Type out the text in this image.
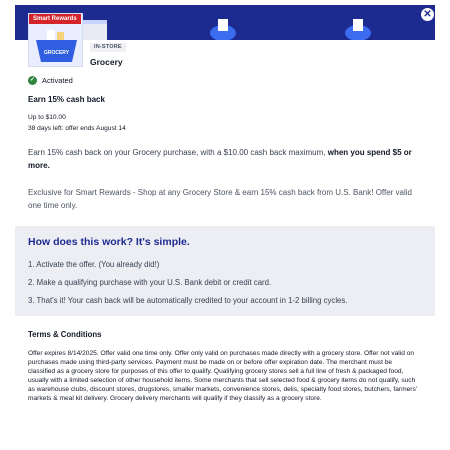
✕
Smart Rewards
GROCERY
IN-STORE
Grocery
✓ Activated
Earn 15% cash back
Up to $10.00
38 days left: offer ends August 14

Earn 15% cash back on your Grocery purchase, with a $10.00 cash back maximum, when you spend $5 or more.

Exclusive for Smart Rewards - Shop at any Grocery Store & earn 15% cash back from U.S. Bank! Offer valid one time only.

How does this work? It's simple.
1. Activate the offer. (You already did!)
2. Make a qualifying purchase with your U.S. Bank debit or credit card.
3. That's it! Your cash back will be automatically credited to your account in 1-2 billing cycles.
Terms & Conditions

Offer expires 8/14/2025. Offer valid one time only. Offer only valid on purchases made directly with a grocery store. Offer not valid on purchases made using third-party services. Payment must be made on or before offer expiration date. The merchant must be classified as a grocery store for purposes of this offer to qualify. Qualifying grocery stores sell a full line of fresh & packaged food, usually with a limited selection of other household items. Some merchants that sell selected food & grocery items do not qualify, such as warehouse clubs, discount stores, drugstores, smaller markets, convenience stores, delis, specialty food stores, butchers, farmers' markets & meal kit delivery. Grocery delivery merchants will qualify if they classify as a grocery store.
